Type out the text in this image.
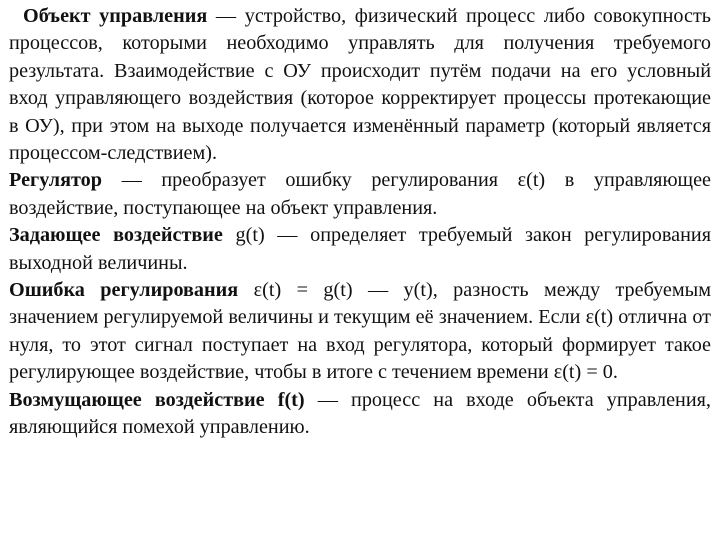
Объект управления — устройство, физический процесс либо совокупность процессов, которыми необходимо управлять для получения требуемого результата. Взаимодействие с ОУ происходит путём подачи на его условный вход управляющего воздействия (которое корректирует процессы протекающие в ОУ), при этом на выходе получается изменённый параметр (который является процессом-следствием).

Регулятор — преобразует ошибку регулирования ε(t) в управляющее воздействие, поступающее на объект управления.

Задающее воздействие g(t) — определяет требуемый закон регулирования выходной величины.

Ошибка регулирования ε(t) = g(t) — y(t), разность между требуемым значением регулируемой величины и текущим её значением. Если ε(t) отлична от нуля, то этот сигнал поступает на вход регулятора, который формирует такое регулирующее воздействие, чтобы в итоге с течением времени ε(t) = 0.

Возмущающее воздействие f(t) — процесс на входе объекта управления, являющийся помехой управлению.
